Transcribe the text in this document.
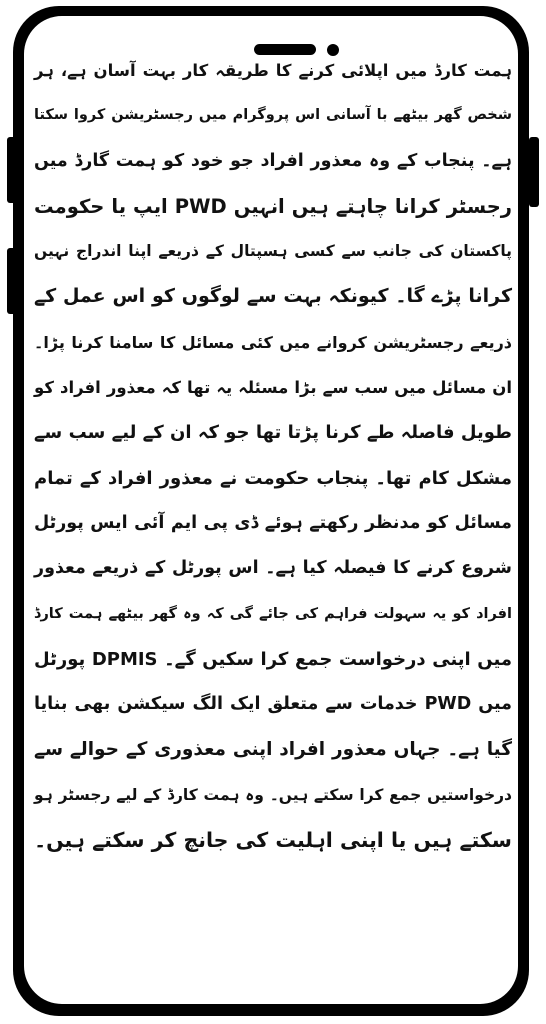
ہمت کارڈ میں اپلائی کرنے کا طریقہ کار بہت آسان ہے، ہر
شخص گھر بیٹھے با آسانی اس پروگرام میں رجسٹریشن کروا سکتا
ہے۔ پنجاب کے وہ معذور افراد جو خود کو ہمت گارڈ میں
رجسٹر کرانا چاہتے ہیں انہیں PWD ایپ یا حکومت
پاکستان کی جانب سے کسی ہسپتال کے ذریعے اپنا اندراج نہیں
کرانا پڑے گا۔ کیونکہ بہت سے لوگوں کو اس عمل کے
ذریعے رجسٹریشن کروانے میں کئی مسائل کا سامنا کرنا پڑا۔
ان مسائل میں سب سے بڑا مسئلہ یہ تھا کہ معذور افراد کو
طویل فاصلہ طے کرنا پڑتا تھا جو کہ ان کے لیے سب سے
مشکل کام تھا۔ پنجاب حکومت نے معذور افراد کے تمام
مسائل کو مدنظر رکھتے ہوئے ڈی پی ایم آئی ایس پورٹل
شروع کرنے کا فیصلہ کیا ہے۔ اس پورٹل کے ذریعے معذور
افراد کو یہ سہولت فراہم کی جائے گی کہ وہ گھر بیٹھے ہمت کارڈ
میں اپنی درخواست جمع کرا سکیں گے۔ DPMIS پورٹل
میں PWD خدمات سے متعلق ایک الگ سیکشن بھی بنایا
گیا ہے۔ جہاں معذور افراد اپنی معذوری کے حوالے سے
درخواستیں جمع کرا سکتے ہیں۔ وہ ہمت کارڈ کے لیے رجسٹر ہو
سکتے ہیں یا اپنی اہلیت کی جانچ کر سکتے ہیں۔
